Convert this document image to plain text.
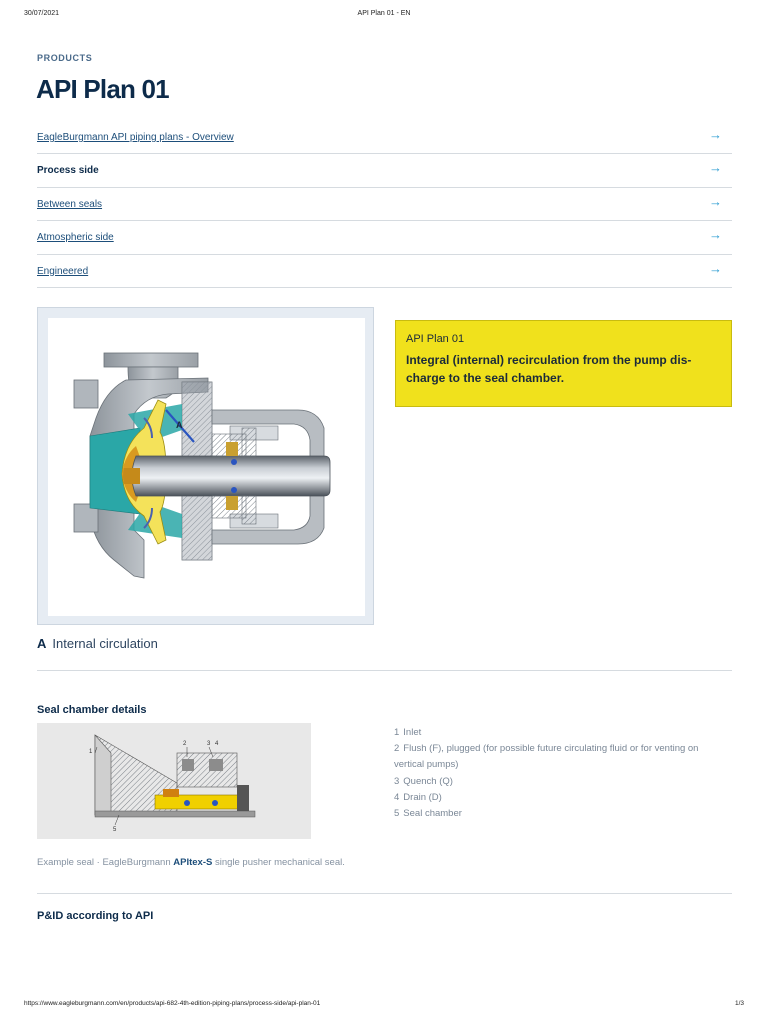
30/07/2021	API Plan 01 - EN
PRODUCTS
API Plan 01
EagleBurgmann API piping plans - Overview	→
Process side	→
Between seals	→
Atmospheric side	→
Engineered	→
A
API Plan 01
Integral (internal) recirculation from the pump dis-charge to the seal chamber.
A Internal circulation
Seal chamber details
1
2	3 4
5
1 Inlet
2 Flush (F), plugged (for possible future circulating fluid or for venting on vertical pumps)
3 Quench (Q)
4 Drain (D)
5 Seal chamber

Example seal · EagleBurgmann APItex-S single pusher mechanical seal.

P&ID according to API
https://www.eagleburgmann.com/en/products/api-682-4th-edition-piping-plans/process-side/api-plan-01	1/3
